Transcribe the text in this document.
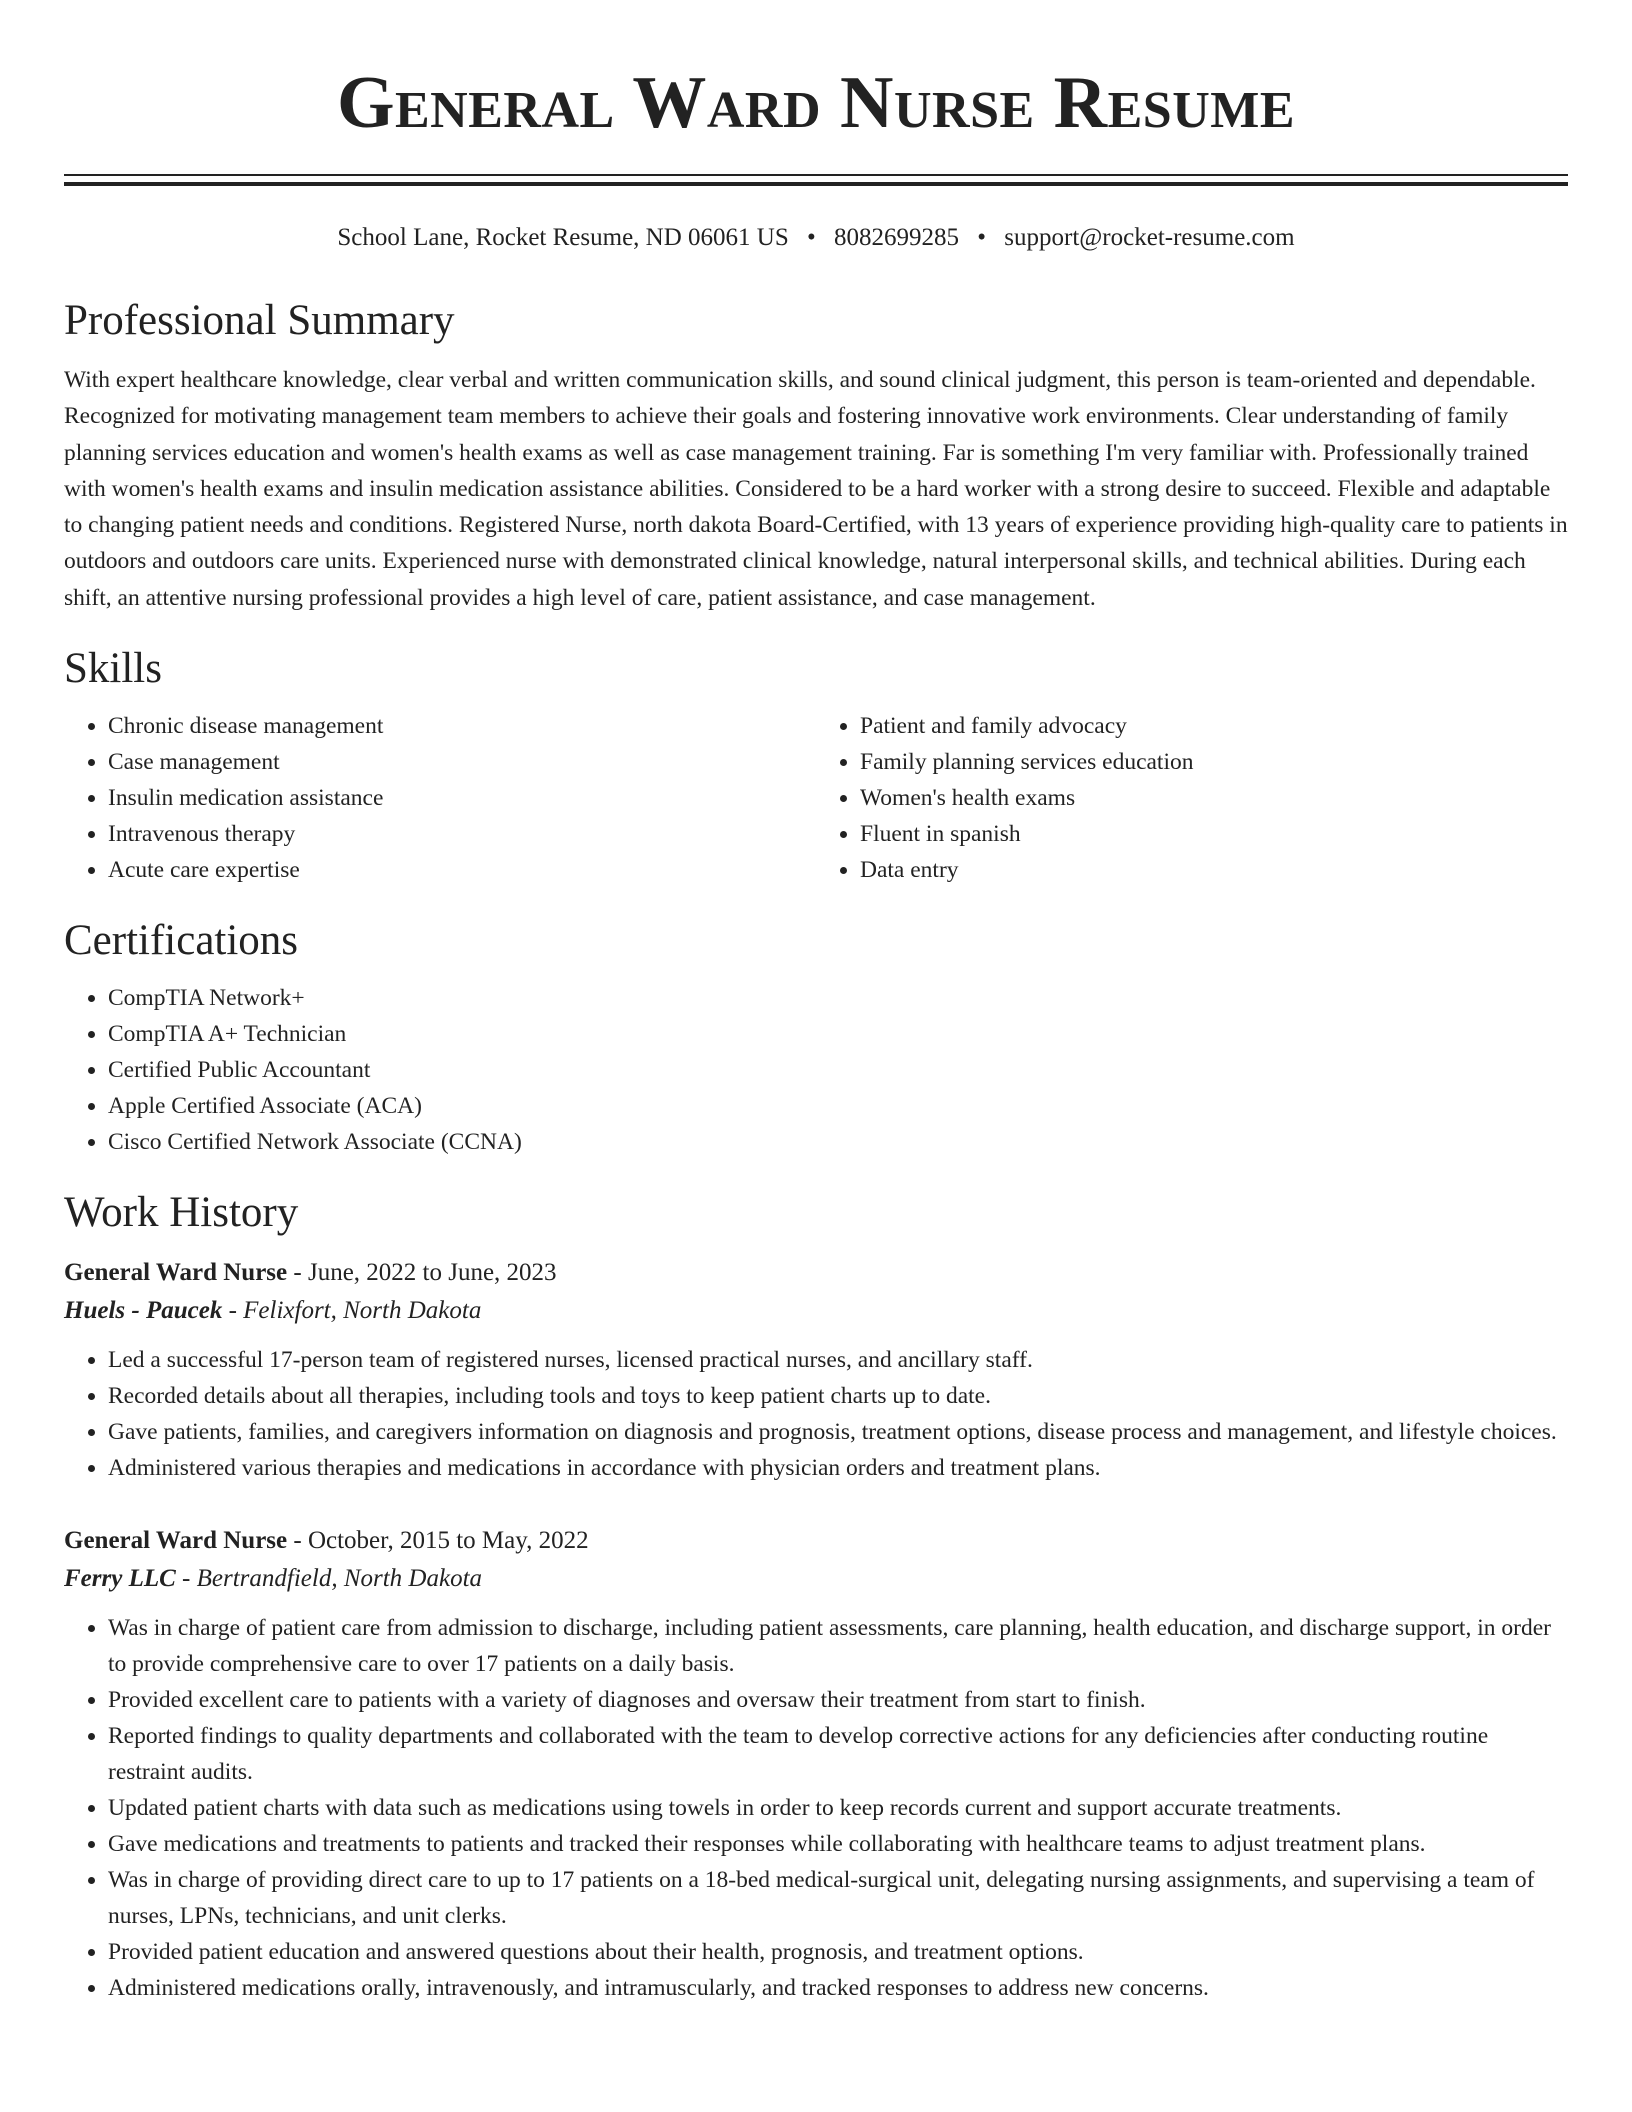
General Ward Nurse Resume
School Lane, Rocket Resume, ND 06061 US • 8082699285 • support@rocket-resume.com
Professional Summary

With expert healthcare knowledge, clear verbal and written communication skills, and sound clinical judgment, this person is team-oriented and dependable. Recognized for motivating management team members to achieve their goals and fostering innovative work environments. Clear understanding of family planning services education and women's health exams as well as case management training. Far is something I'm very familiar with. Professionally trained with women's health exams and insulin medication assistance abilities. Considered to be a hard worker with a strong desire to succeed. Flexible and adaptable to changing patient needs and conditions. Registered Nurse, north dakota Board-Certified, with 13 years of experience providing high-quality care to patients in outdoors and outdoors care units. Experienced nurse with demonstrated clinical knowledge, natural interpersonal skills, and technical abilities. During each shift, an attentive nursing professional provides a high level of care, patient assistance, and case management.

Skills
• Chronic disease management
• Case management
• Insulin medication assistance
• Intravenous therapy
• Acute care expertise
• Patient and family advocacy
• Family planning services education
• Women's health exams
• Fluent in spanish
• Data entry
Certifications
• CompTIA Network+
• CompTIA A+ Technician
• Certified Public Accountant
• Apple Certified Associate (ACA)
• Cisco Certified Network Associate (CCNA)
Work History
General Ward Nurse - June, 2022 to June, 2023
Huels - Paucek - Felixfort, North Dakota
• Led a successful 17-person team of registered nurses, licensed practical nurses, and ancillary staff.
• Recorded details about all therapies, including tools and toys to keep patient charts up to date.
• Gave patients, families, and caregivers information on diagnosis and prognosis, treatment options, disease process and management, and lifestyle choices.
• Administered various therapies and medications in accordance with physician orders and treatment plans.
General Ward Nurse - October, 2015 to May, 2022
Ferry LLC - Bertrandfield, North Dakota
• Was in charge of patient care from admission to discharge, including patient assessments, care planning, health education, and discharge support, in order to provide comprehensive care to over 17 patients on a daily basis.
• Provided excellent care to patients with a variety of diagnoses and oversaw their treatment from start to finish.
• Reported findings to quality departments and collaborated with the team to develop corrective actions for any deficiencies after conducting routine restraint audits.
• Updated patient charts with data such as medications using towels in order to keep records current and support accurate treatments.
• Gave medications and treatments to patients and tracked their responses while collaborating with healthcare teams to adjust treatment plans.
• Was in charge of providing direct care to up to 17 patients on a 18-bed medical-surgical unit, delegating nursing assignments, and supervising a team of nurses, LPNs, technicians, and unit clerks.
• Provided patient education and answered questions about their health, prognosis, and treatment options.
• Administered medications orally, intravenously, and intramuscularly, and tracked responses to address new concerns.
